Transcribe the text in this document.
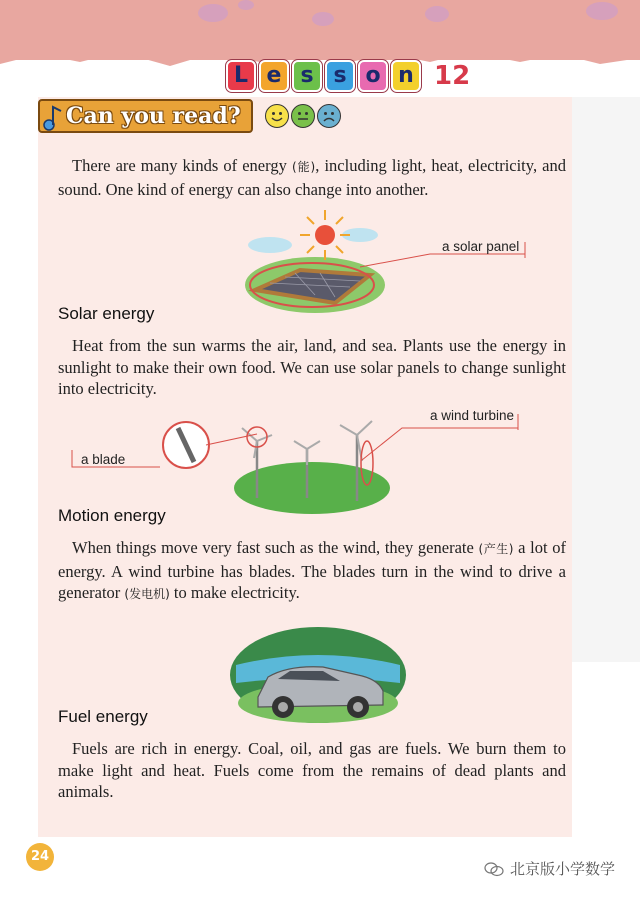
L e s s o n 12
Can you read?
There are many kinds of energy (能), including light, heat, electricity, and sound. One kind of energy can also change into another.
a solar panel
Solar energy
Heat from the sun warms the air, land, and sea. Plants use the energy in sunlight to make their own food. We can use solar panels to change sunlight into electricity.
a blade
a wind turbine
Motion energy
When things move very fast such as the wind, they generate (产生) a lot of energy. A wind turbine has blades. The blades turn in the wind to drive a generator (发电机) to make electricity.
Fuel energy
Fuels are rich in energy. Coal, oil, and gas are fuels. We burn them to make light and heat. Fuels come from the remains of dead plants and animals.
24
北京版小学数学
